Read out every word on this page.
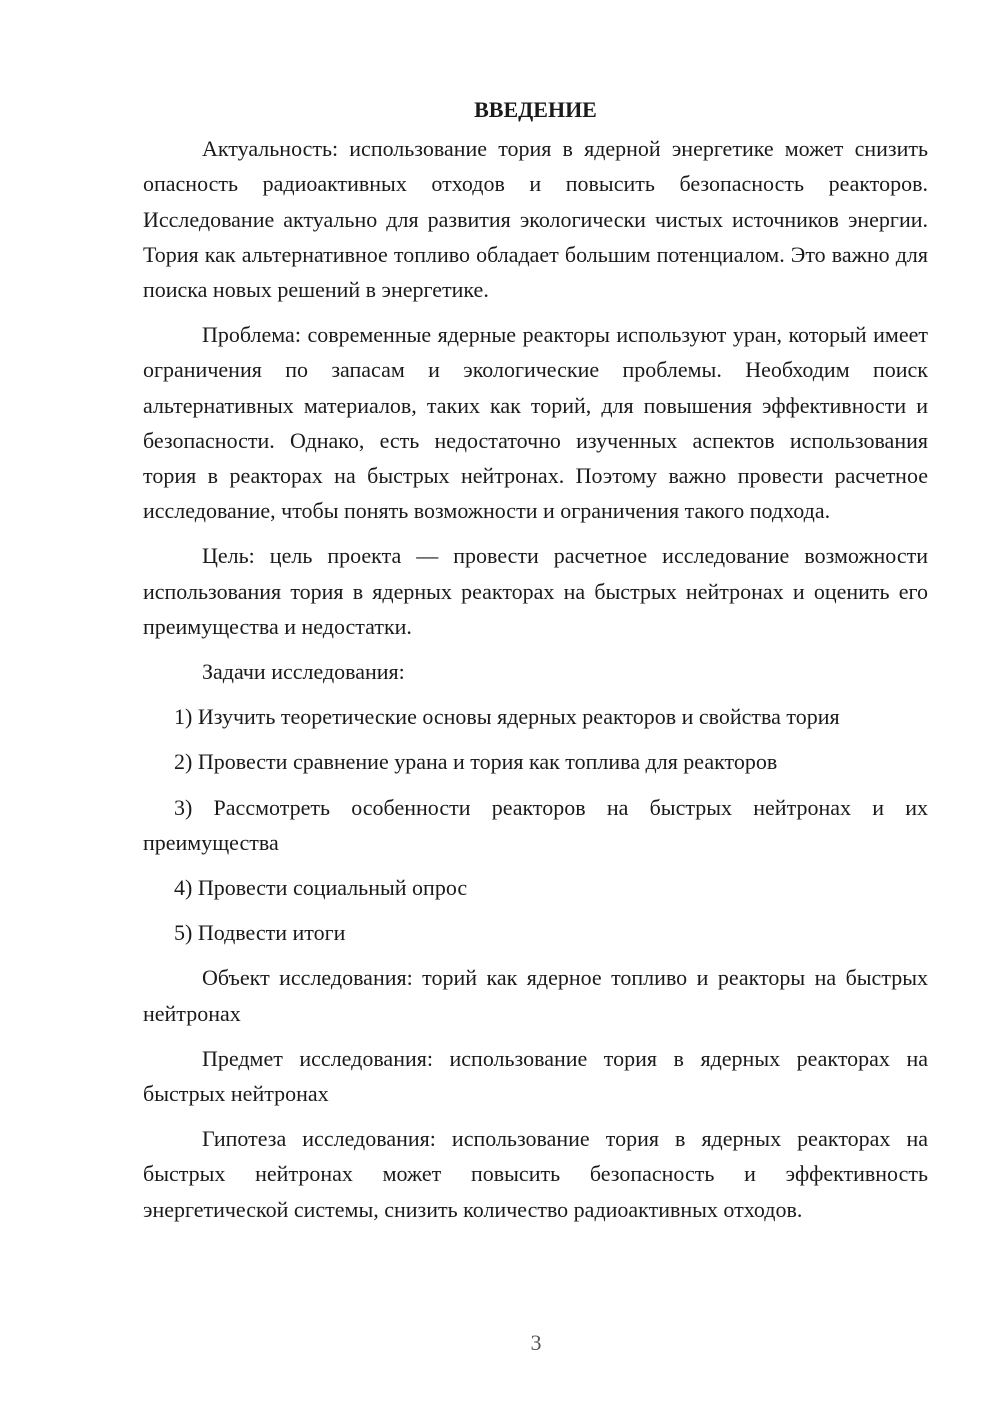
ВВЕДЕНИЕ

Актуальность: использование тория в ядерной энергетике может снизить опасность радиоактивных отходов и повысить безопасность реакторов. Исследование актуально для развития экологически чистых источников энергии. Тория как альтернативное топливо обладает большим потенциалом. Это важно для поиска новых решений в энергетике.

Проблема: современные ядерные реакторы используют уран, который имеет ограничения по запасам и экологические проблемы. Необходим поиск альтернативных материалов, таких как торий, для повышения эффективности и безопасности. Однако, есть недостаточно изученных аспектов использования тория в реакторах на быстрых нейтронах. Поэтому важно провести расчетное исследование, чтобы понять возможности и ограничения такого подхода.

Цель: цель проекта — провести расчетное исследование возможности использования тория в ядерных реакторах на быстрых нейтронах и оценить его преимущества и недостатки.

Задачи исследования:

1) Изучить теоретические основы ядерных реакторов и свойства тория

2) Провести сравнение урана и тория как топлива для реакторов

3) Рассмотреть особенности реакторов на быстрых нейтронах и их преимущества

4) Провести социальный опрос

5) Подвести итоги

Объект исследования: торий как ядерное топливо и реакторы на быстрых нейтронах

Предмет исследования: использование тория в ядерных реакторах на быстрых нейтронах

Гипотеза исследования: использование тория в ядерных реакторах на быстрых нейтронах может повысить безопасность и эффективность энергетической системы, снизить количество радиоактивных отходов.

3
